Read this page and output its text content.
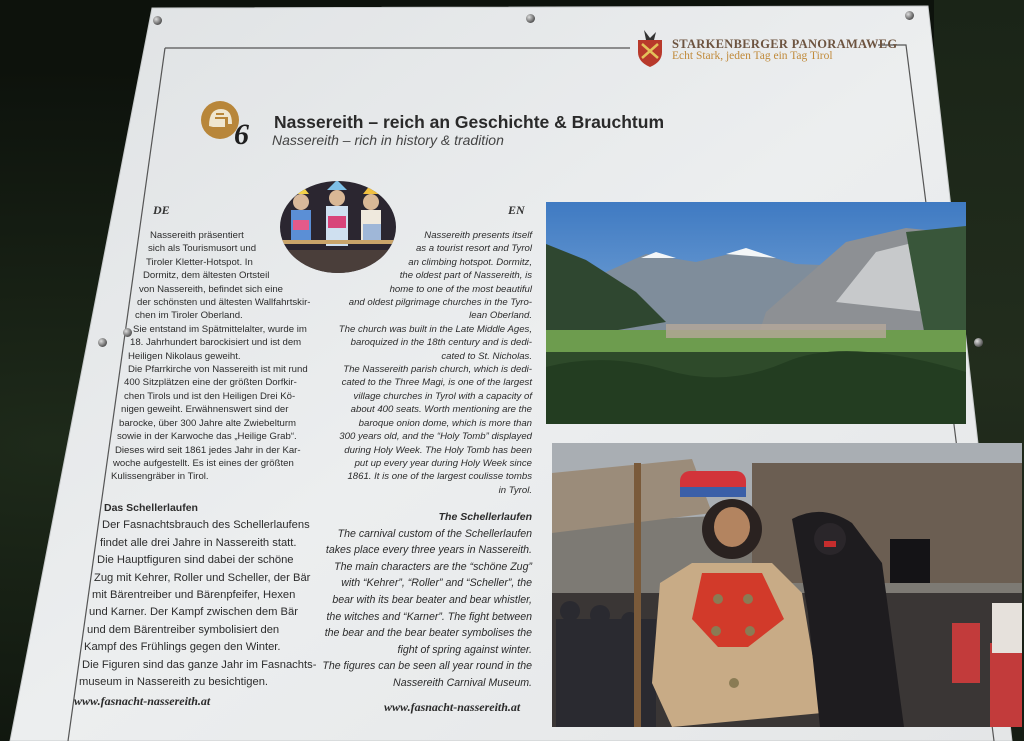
STARKENBERGER PANORAMAWEG
Echt Stark, jeden Tag ein Tag Tirol
6 Nassereith – reich an Geschichte & Brauchtum
Nassereith – rich in history & tradition
DE	EN
Nassereith präsentiert
sich als Tourismusort und
Tiroler Kletter-Hotspot. In
Dormitz, dem ältesten Ortsteil
von Nassereith, befindet sich eine
der schönsten und ältesten Wallfahrtskir-
chen im Tiroler Oberland.
Sie entstand im Spätmittelalter, wurde im
18. Jahrhundert barockisiert und ist dem
Heiligen Nikolaus geweiht.
Die Pfarrkirche von Nassereith ist mit rund
400 Sitzplätzen eine der größten Dorfkir-
chen Tirols und ist den Heiligen Drei Kö-
nigen geweiht. Erwähnenswert sind der
barocke, über 300 Jahre alte Zwiebelturm
sowie in der Karwoche das „Heilige Grab“.
Dieses wird seit 1861 jedes Jahr in der Kar-
woche aufgestellt. Es ist eines der größten
Kulissengräber in Tirol.
Das Schellerlaufen
Der Fasnachtsbrauch des Schellerlaufens
findet alle drei Jahre in Nassereith statt.
Die Hauptfiguren sind dabei der schöne
Zug mit Kehrer, Roller und Scheller, der Bär
mit Bärentreiber und Bärenpfeifer, Hexen
und Karner. Der Kampf zwischen dem Bär
und dem Bärentreiber symbolisiert den
Kampf des Frühlings gegen den Winter.
Die Figuren sind das ganze Jahr im Fasnachts-
museum in Nassereith zu besichtigen.
www.fasnacht-nassereith.at
Nassereith presents itself
as a tourist resort and Tyrol
an climbing hotspot. Dormitz,
the oldest part of Nassereith, is
home to one of the most beautiful
and oldest pilgrimage churches in the Tyro-
lean Oberland.
The church was built in the Late Middle Ages,
baroquized in the 18th century and is dedi-
cated to St. Nicholas.
The Nassereith parish church, which is dedi-
cated to the Three Magi, is one of the largest
village churches in Tyrol with a capacity of
about 400 seats. Worth mentioning are the
baroque onion dome, which is more than
300 years old, and the “Holy Tomb” displayed
during Holy Week. The Holy Tomb has been
put up every year during Holy Week since
1861. It is one of the largest coulisse tombs
in Tyrol.
The Schellerlaufen
The carnival custom of the Schellerlaufen
takes place every three years in Nassereith.
The main characters are the “schöne Zug”
with “Kehrer”, “Roller” and “Scheller”, the
bear with its bear beater and bear whistler,
the witches and “Karner”. The fight between
the bear and the bear beater symbolises the
fight of spring against winter.
The figures can be seen all year round in the
Nassereith Carnival Museum.
www.fasnacht-nassereith.at
